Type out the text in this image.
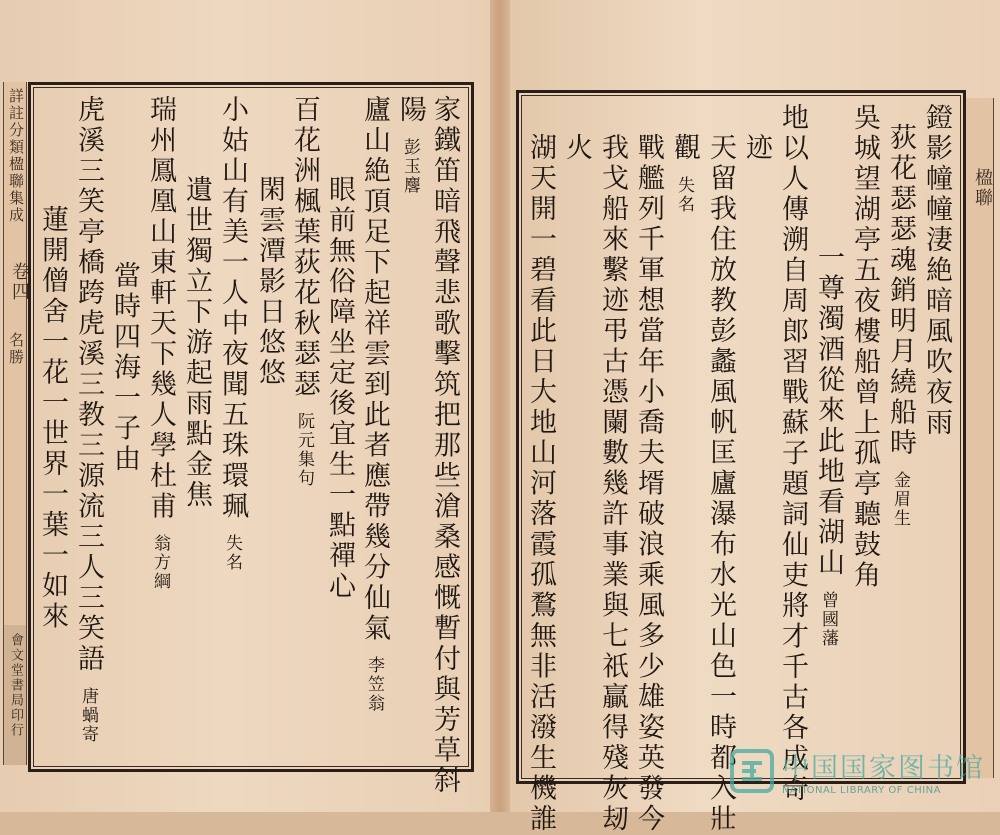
詳註分類楹聯集成
卷四
名勝
會文堂書局印行
楹聯
家鐵笛暗飛聲悲歌擊筑把那些滄桑感慨暫付與芳草斜
陽彭玉麐
廬山絶頂足下起祥雲到此者應帶幾分仙氣李笠翁
眼前無俗障坐定後宜生一點禪心
百花洲楓葉荻花秋瑟瑟阮元集句
閑雲潭影日悠悠
小姑山有美一人中夜聞五珠環珮失名
遺世獨立下游起雨點金焦
瑞州鳳凰山東軒天下幾人學杜甫翁方綱
當時四海一子由
虎溪三笑亭橋跨虎溪三教三源流三人三笑語唐蝸寄
蓮開僧舍一花一世界一葉一如來	鐙影幢幢淒絶暗風吹夜雨
荻花瑟瑟魂銷明月繞船時金眉生
吳城望湖亭五夜樓船曾上孤亭聽鼓角
一尊濁酒從來此地看湖山曾國藩
地以人傳溯自周郎習戰蘇子題詞仙吏將才千古各成奇
迹
天留我住放教彭蠡風帆匡廬瀑布水光山色一時都入壯
觀失名
戰艦列千軍想當年小喬夫壻破浪乘風多少雄姿英發今
我戈船來繫迹弔古憑闌數幾許事業與七祇贏得殘灰刼
火
湖天開一碧看此日大地山河落霞孤鶩無非活潑生機誰	中国国家图书馆
NATIONAL LIBRARY OF CHINA
